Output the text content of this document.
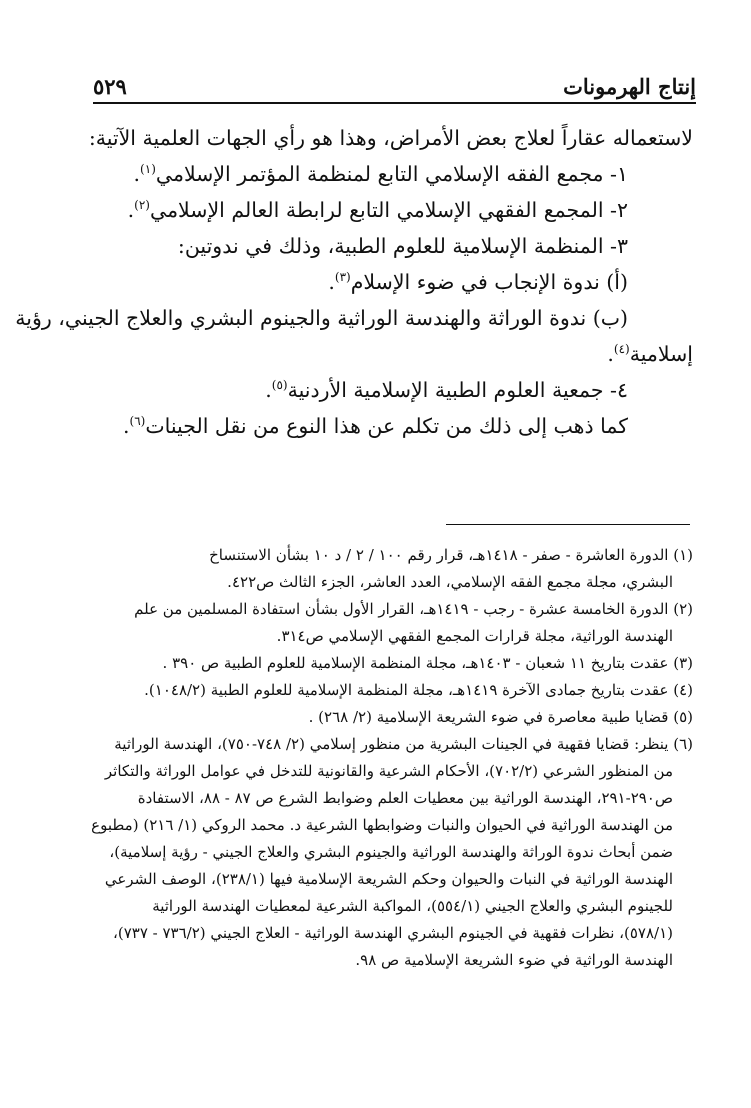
إنتاج الهرمونات
٥٢٩
لاستعماله عقاراً لعلاج بعض الأمراض، وهذا هو رأي الجهات العلمية الآتية:
١- مجمع الفقه الإسلامي التابع لمنظمة المؤتمر الإسلامي$^{(١)}$.
٢- المجمع الفقهي الإسلامي التابع لرابطة العالم الإسلامي$^{(٢)}$.
٣- المنظمة الإسلامية للعلوم الطبية، وذلك في ندوتين:
(أ) ندوة الإنجاب في ضوء الإسلام$^{(٣)}$.
(ب) ندوة الوراثة والهندسة الوراثية والجينوم البشري والعلاج الجيني، رؤية
إسلامية$^{(٤)}$.
٤- جمعية العلوم الطبية الإسلامية الأردنية$^{(٥)}$.
كما ذهب إلى ذلك من تكلم عن هذا النوع من نقل الجينات$^{(٦)}$.
(١) الدورة العاشرة - صفر - ١٤١٨هـ، قرار رقم ١٠٠ / ٢ / د ١٠ بشأن الاستنساخ
البشري، مجلة مجمع الفقه الإسلامي، العدد العاشر، الجزء الثالث ص٤٢٢.
(٢) الدورة الخامسة عشرة - رجب - ١٤١٩هـ، القرار الأول بشأن استفادة المسلمين من علم
الهندسة الوراثية، مجلة قرارات المجمع الفقهي الإسلامي ص٣١٤.
(٣) عقدت بتاريخ ١١ شعبان - ١٤٠٣هـ، مجلة المنظمة الإسلامية للعلوم الطبية ص ٣٩٠ .
(٤) عقدت بتاريخ جمادى الآخرة ١٤١٩هـ، مجلة المنظمة الإسلامية للعلوم الطبية (١٠٤٨/٢).
(٥) قضايا طبية معاصرة في ضوء الشريعة الإسلامية (٢/ ٢٦٨) .
(٦) ينظر: قضايا فقهية في الجينات البشرية من منظور إسلامي (٢/ ٧٤٨-٧٥٠)، الهندسة الوراثية
من المنظور الشرعي (٧٠٢/٢)، الأحكام الشرعية والقانونية للتدخل في عوامل الوراثة والتكاثر
ص٢٩٠-٢٩١، الهندسة الوراثية بين معطيات العلم وضوابط الشرع ص ٨٧ - ٨٨، الاستفادة
من الهندسة الوراثية في الحيوان والنبات وضوابطها الشرعية د. محمد الروكي (١/ ٢١٦) (مطبوع
ضمن أبحاث ندوة الوراثة والهندسة الوراثية والجينوم البشري والعلاج الجيني - رؤية إسلامية)،
الهندسة الوراثية في النبات والحيوان وحكم الشريعة الإسلامية فيها (٢٣٨/١)، الوصف الشرعي
للجينوم البشري والعلاج الجيني (٥٥٤/١)، المواكبة الشرعية لمعطيات الهندسة الوراثية
(٥٧٨/١)، نظرات فقهية في الجينوم البشري الهندسة الوراثية - العلاج الجيني (٧٣٦/٢ - ٧٣٧)،
الهندسة الوراثية في ضوء الشريعة الإسلامية ص ٩٨.
